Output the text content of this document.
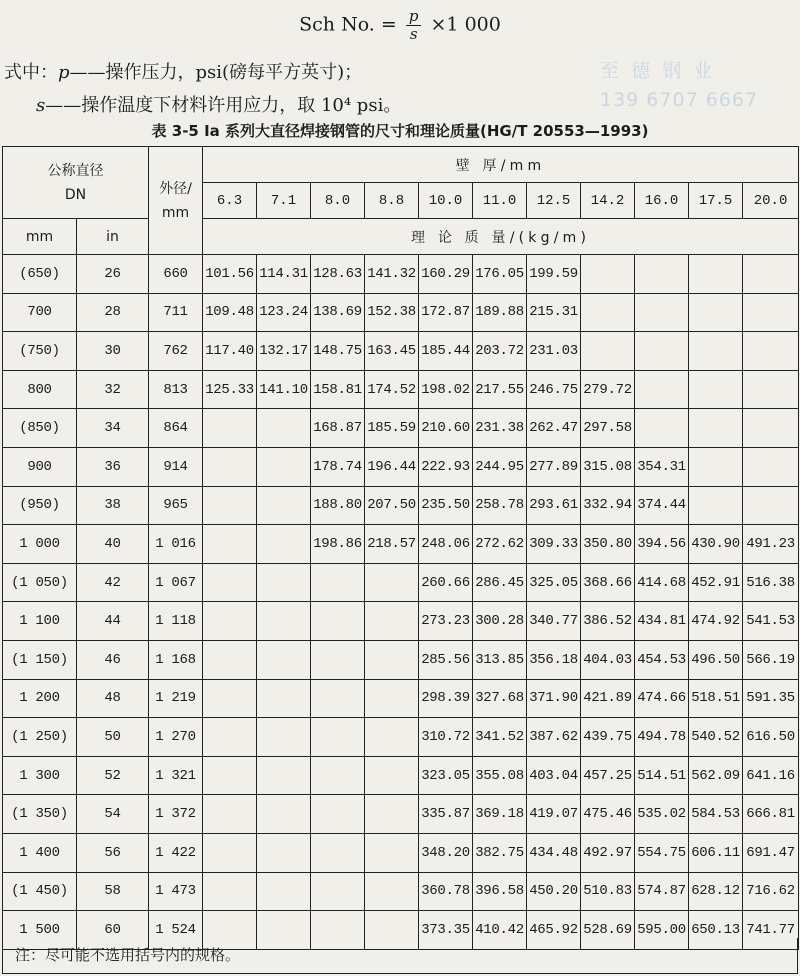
Sch No. = $\frac{p}{s} \times 1$ 000
式中：p——操作压力，psi(磅每平方英寸)；
s——操作温度下材料许用应力，取 10⁴ psi。
至 德 钢 业
139 6707 6667
表 3-5 Ia 系列大直径焊接钢管的尺寸和理论质量(HG/T 20553—1993)
公称直径
DN		外径/
mm	壁 厚/mm										
			6.3	7.1	8.0	8.8	10.0	11.0	12.5	14.2	16.0	17.5	20.0
mm	in		理 论 质 量/(kg/m)										
(650)	26	660	101.56	114.31	128.63	141.32	160.29	176.05	199.59				
700	28	711	109.48	123.24	138.69	152.38	172.87	189.88	215.31				
(750)	30	762	117.40	132.17	148.75	163.45	185.44	203.72	231.03				
800	32	813	125.33	141.10	158.81	174.52	198.02	217.55	246.75	279.72			
(850)	34	864			168.87	185.59	210.60	231.38	262.47	297.58			
900	36	914			178.74	196.44	222.93	244.95	277.89	315.08	354.31		
(950)	38	965			188.80	207.50	235.50	258.78	293.61	332.94	374.44		
1 000	40	1 016			198.86	218.57	248.06	272.62	309.33	350.80	394.56	430.90	491.23
(1 050)	42	1 067					260.66	286.45	325.05	368.66	414.68	452.91	516.38
1 100	44	1 118					273.23	300.28	340.77	386.52	434.81	474.92	541.53
(1 150)	46	1 168					285.56	313.85	356.18	404.03	454.53	496.50	566.19
1 200	48	1 219					298.39	327.68	371.90	421.89	474.66	518.51	591.35
(1 250)	50	1 270					310.72	341.52	387.62	439.75	494.78	540.52	616.50
1 300	52	1 321					323.05	355.08	403.04	457.25	514.51	562.09	641.16
(1 350)	54	1 372					335.87	369.18	419.07	475.46	535.02	584.53	666.81
1 400	56	1 422					348.20	382.75	434.48	492.97	554.75	606.11	691.47
(1 450)	58	1 473					360.78	396.58	450.20	510.83	574.87	628.12	716.62
1 500	60	1 524					373.35	410.42	465.92	528.69	595.00	650.13	741.77
注：尽可能不选用括号内的规格。
